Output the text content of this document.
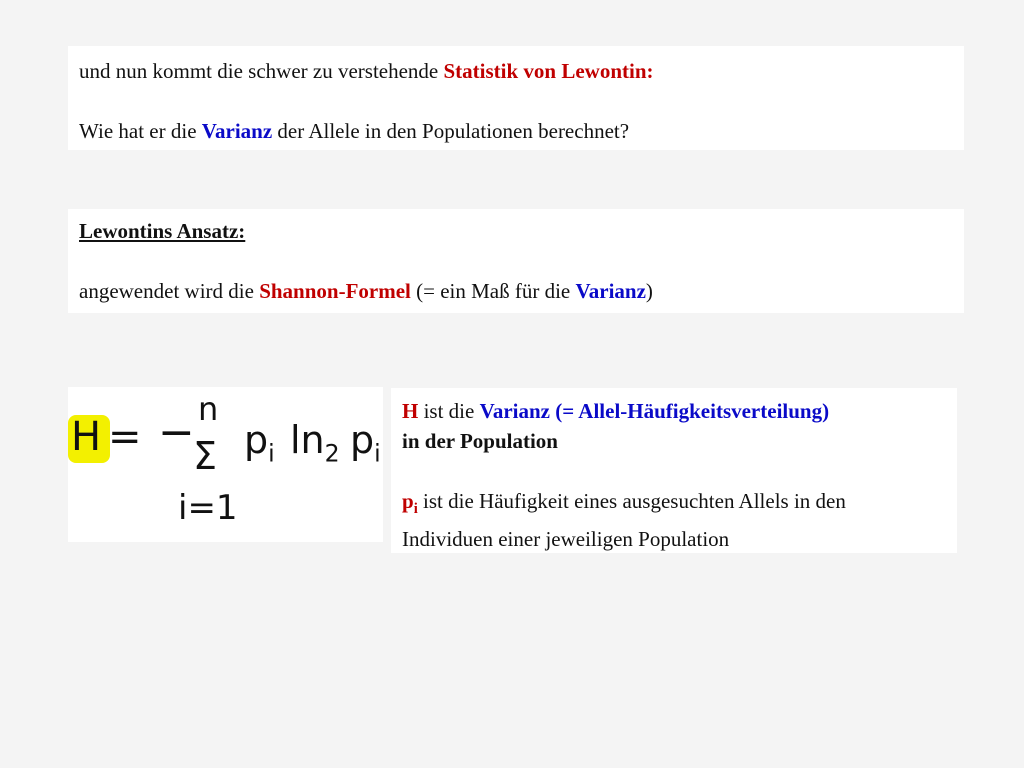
und nun kommt die schwer zu verstehende Statistik von Lewontin:
Wie hat er die Varianz der Allele in den Populationen berechnet?
Lewontins Ansatz:
angewendet wird die Shannon-Formel (= ein Maß für die Varianz)
H = − n
Σ
i=1
$p_i$ $\ln_2 p_i$
H ist die Varianz (= Allel-Häufigkeitsverteilung)
in der Population
$p_i$ ist die Häufigkeit eines ausgesuchten Allels in den
Individuen einer jeweiligen Population
